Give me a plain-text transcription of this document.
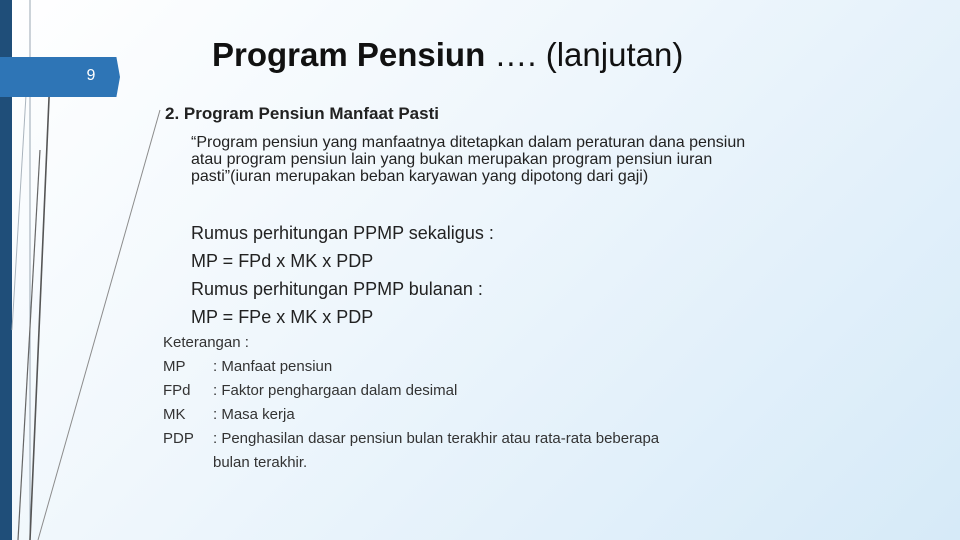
9
Program Pensiun …. (lanjutan)
2. Program Pensiun Manfaat Pasti
“Program pensiun yang manfaatnya ditetapkan dalam peraturan dana pensiun
atau program pensiun lain yang bukan merupakan program pensiun iuran
pasti”(iuran merupakan beban karyawan yang dipotong dari gaji)
Rumus perhitungan PPMP sekaligus :
MP = FPd x MK x PDP
Rumus perhitungan PPMP bulanan :
MP = FPe x MK x PDP
Keterangan :
MP	: Manfaat pensiun
FPd	: Faktor penghargaan dalam desimal
MK	: Masa kerja
PDP	: Penghasilan dasar pensiun bulan terakhir atau rata-rata beberapa
bulan terakhir.
